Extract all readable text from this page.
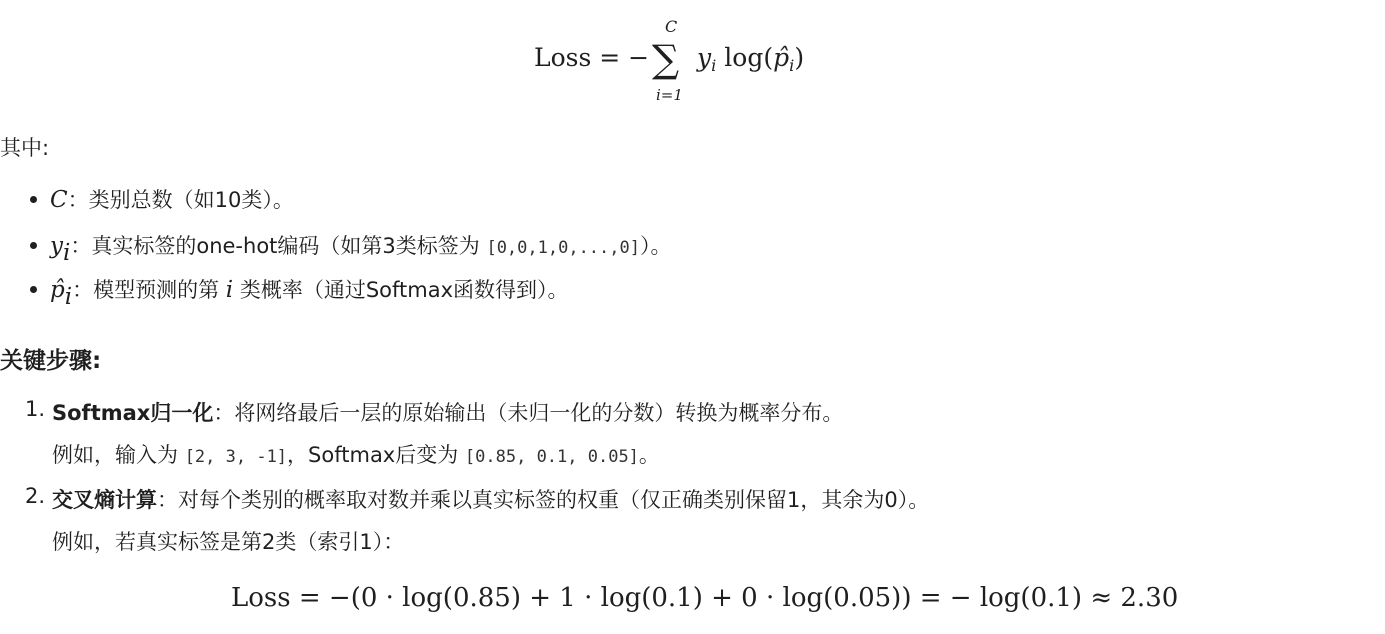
Loss = −
C
∑
i=1
$y_i$ $\log(p̂_i)$
其中:
C：类别总数（如10类）。
$y_i$：真实标签的one-hot编码（如第3类标签为 [0,0,1,0,...,0]）。
$p̂_i$：模型预测的第 i 类概率（通过Softmax函数得到）。
关键步骤:
1. Softmax归一化：将网络最后一层的原始输出（未归一化的分数）转换为概率分布。
例如，输入为 [2, 3, -1]，Softmax后变为 [0.85, 0.1, 0.05]。
2. 交叉熵计算：对每个类别的概率取对数并乘以真实标签的权重（仅正确类别保留1，其余为0）。
例如，若真实标签是第2类（索引1）：
Loss = −(0 · log(0.85) + 1 · log(0.1) + 0 · log(0.05)) = − log(0.1) ≈ 2.30
